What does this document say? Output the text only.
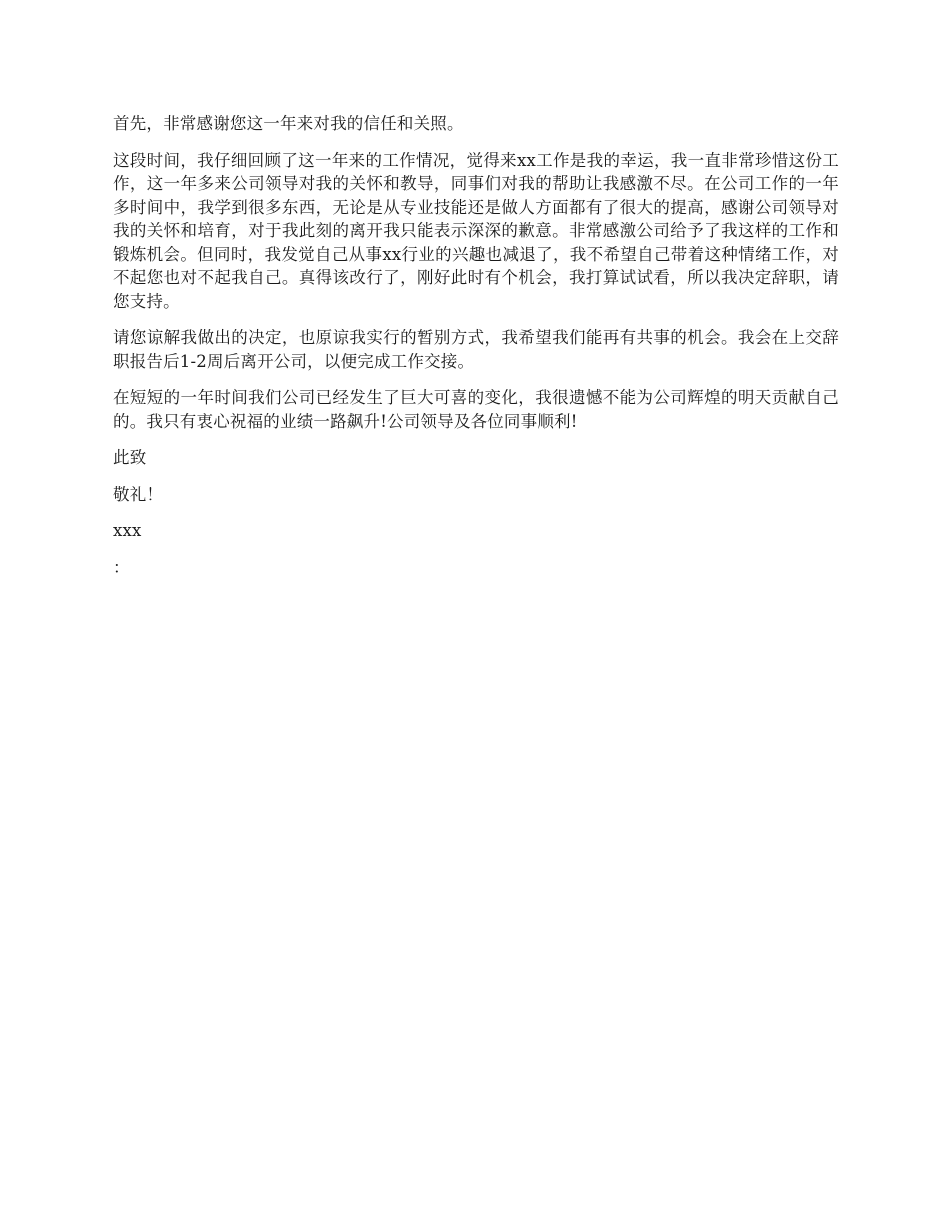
首先，非常感谢您这一年来对我的信任和关照。

这段时间，我仔细回顾了这一年来的工作情况，觉得来xx工作是我的幸运，我一直非常珍惜这份工作，这一年多来公司领导对我的关怀和教导，同事们对我的帮助让我感激不尽。在公司工作的一年多时间中，我学到很多东西，无论是从专业技能还是做人方面都有了很大的提高，感谢公司领导对我的关怀和培育，对于我此刻的离开我只能表示深深的歉意。非常感激公司给予了我这样的工作和锻炼机会。但同时，我发觉自己从事xx行业的兴趣也减退了，我不希望自己带着这种情绪工作，对不起您也对不起我自己。真得该改行了，刚好此时有个机会，我打算试试看，所以我决定辞职，请您支持。

请您谅解我做出的决定，也原谅我实行的暂别方式，我希望我们能再有共事的机会。我会在上交辞职报告后1-2周后离开公司，以便完成工作交接。

在短短的一年时间我们公司已经发生了巨大可喜的变化，我很遗憾不能为公司辉煌的明天贡献自己的。我只有衷心祝福的业绩一路飙升!公司领导及各位同事顺利!

此致

敬礼！

xxx

：
